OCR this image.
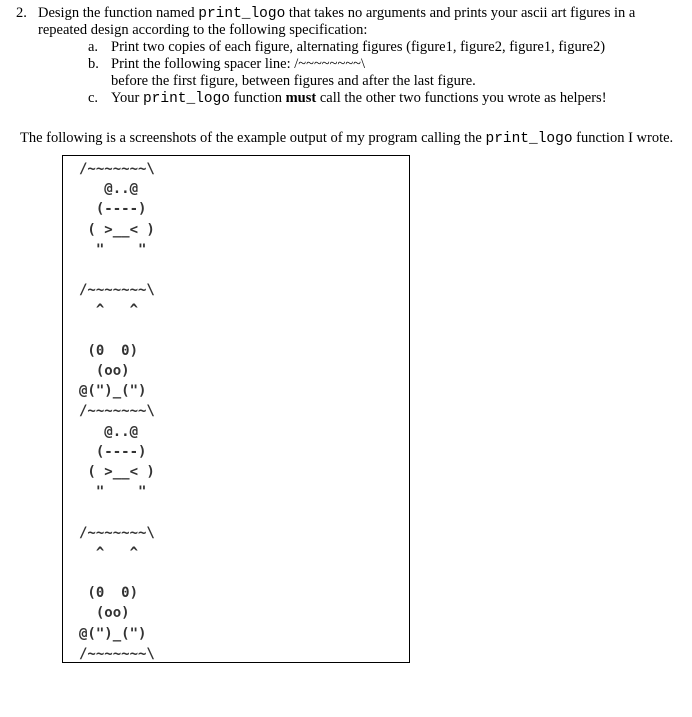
2. Design the function named print_logo that takes no arguments and prints your ascii art figures in a
repeated design according to the following specification:
a. Print two copies of each figure, alternating figures (figure1, figure2, figure1, figure2)
b. Print the following spacer line: /~~~~~~~~\
before the first figure, between figures and after the last figure.
c. Your print_logo function must call the other two functions you wrote as helpers!
The following is a screenshots of the example output of my program calling the print_logo function I wrote.
/~~~~~~~\
@..@
(----)
( >__< )
"    "
/~~~~~~~\
^   ^
(0  0)
(oo)
@(")_(")
/~~~~~~~\
@..@
(----)
( >__< )
"    "
/~~~~~~~\
^   ^
(0  0)
(oo)
@(")_(")
/~~~~~~~\
